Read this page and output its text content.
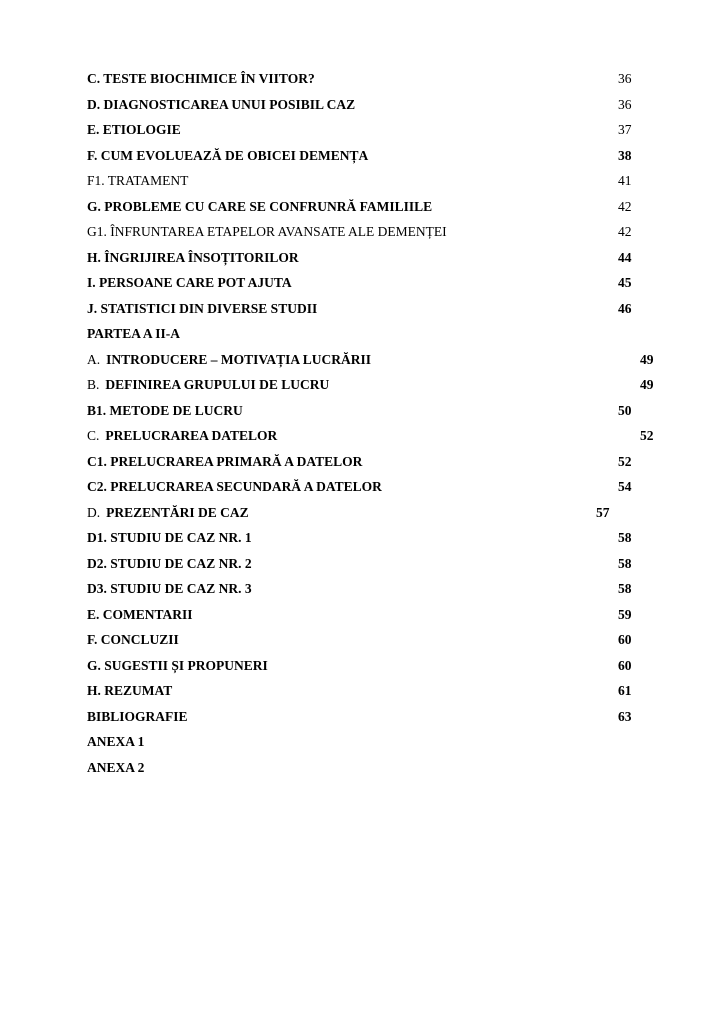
C. TESTE BIOCHIMICE ÎN VIITOR?	36
D. DIAGNOSTICAREA UNUI POSIBIL CAZ	36
E. ETIOLOGIE	37
F. CUM EVOLUEAZĂ DE OBICEI DEMENȚA	38
F1. TRATAMENT	41
G. PROBLEME CU CARE SE CONFRUNRĂ FAMILIILE	42
G1. ÎNFRUNTAREA ETAPELOR AVANSATE ALE DEMENȚEI	42
H. ÎNGRIJIREA ÎNSOȚITORILOR	44
I. PERSOANE CARE POT AJUTA	45
J. STATISTICI DIN DIVERSE STUDII	46
PARTEA A II-A
A. INTRODUCERE – MOTIVAȚIA LUCRĂRII	49
B. DEFINIREA GRUPULUI DE LUCRU	49
B1. METODE DE LUCRU	50
C. PRELUCRAREA DATELOR	52
C1. PRELUCRAREA PRIMARĂ A DATELOR	52
C2. PRELUCRAREA SECUNDARĂ A DATELOR	54
D. PREZENTĂRI DE CAZ	57
D1. STUDIU DE CAZ NR. 1	58
D2. STUDIU DE CAZ NR. 2	58
D3. STUDIU DE CAZ NR. 3	58
E. COMENTARII	59
F. CONCLUZII	60
G. SUGESTII ȘI PROPUNERI	60
H. REZUMAT	61
BIBLIOGRAFIE	63
ANEXA 1
ANEXA 2
